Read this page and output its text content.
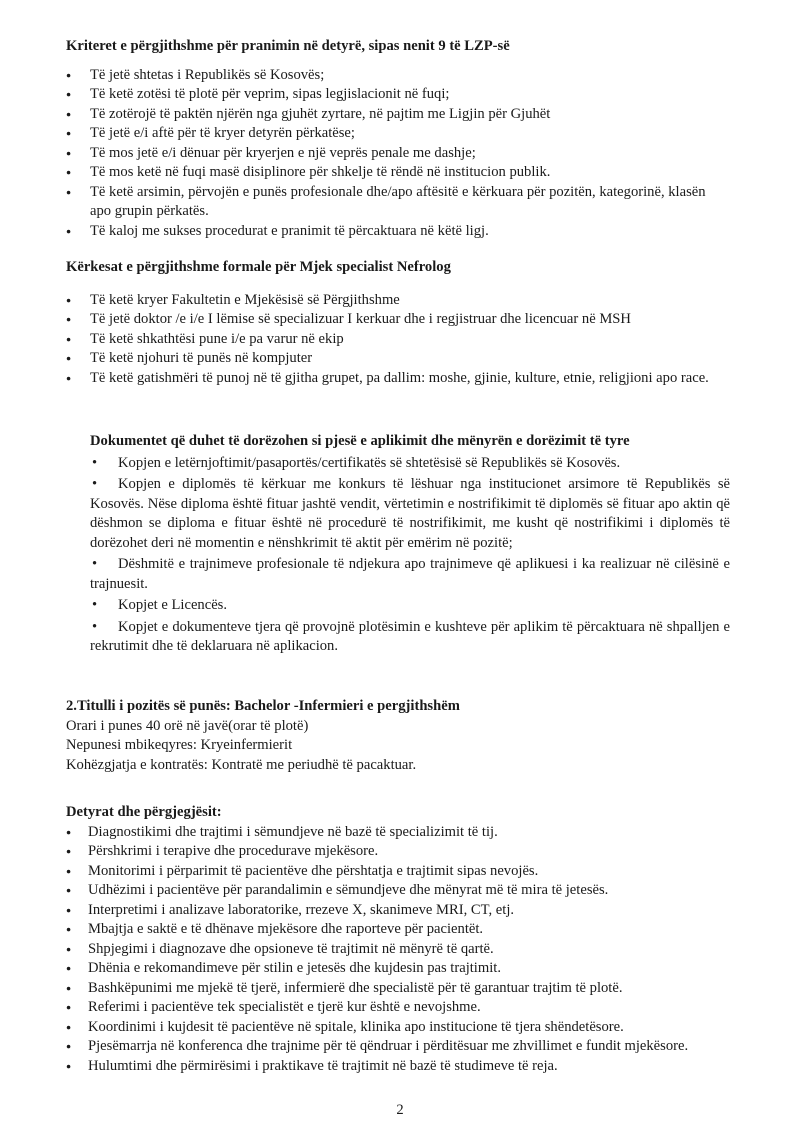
Kriteret e përgjithshme për pranimin në detyrë, sipas nenit 9 të LZP-së
● Të jetë shtetas i Republikës së Kosovës;
● Të ketë zotësi të plotë për veprim, sipas legjislacionit në fuqi;
● Të zotërojë të paktën njërën nga gjuhët zyrtare, në pajtim me Ligjin për Gjuhët
● Të jetë e/i aftë për të kryer detyrën përkatëse;
● Të mos jetë e/i dënuar për kryerjen e një veprës penale me dashje;
● Të mos ketë në fuqi masë disiplinore për shkelje të rëndë në institucion publik.
● Të ketë arsimin, përvojën e punës profesionale dhe/apo aftësitë e kërkuara për pozitën, kategorinë, klasën apo grupin përkatës.
● Të kaloj me sukses procedurat e pranimit të përcaktuara në këtë ligj.
Kërkesat e përgjithshme formale për Mjek specialist Nefrolog
● Të ketë kryer Fakultetin e Mjekësisë së Përgjithshme
● Të jetë doktor /e i/e I lëmise së specializuar I kerkuar dhe i regjistruar dhe licencuar në MSH
● Të ketë shkathtësi pune i/e pa varur në ekip
● Të ketë njohuri të punës në kompjuter
● Të ketë gatishmëri të punoj në të gjitha grupet, pa dallim: moshe, gjinie, kulture, etnie, religjioni apo race.
Dokumentet që duhet të dorëzohen si pjesë e aplikimit dhe mënyrën e dorëzimit të tyre

• Kopjen e letërnjoftimit/pasaportës/certifikatës së shtetësisë së Republikës së Kosovës.

• Kopjen e diplomës të kërkuar me konkurs të lëshuar nga institucionet arsimore të Republikës së Kosovës. Nëse diploma është fituar jashtë vendit, vërtetimin e nostrifikimit të diplomës së fituar apo aktin që dëshmon se diploma e fituar është në procedurë të nostrifikimit, me kusht që nostrifikimi i diplomës të dorëzohet deri në momentin e nënshkrimit të aktit për emërim në pozitë;

• Dëshmitë e trajnimeve profesionale të ndjekura apo trajnimeve që aplikuesi i ka realizuar në cilësinë e trajnuesit.

• Kopjet e Licencës.

• Kopjet e dokumenteve tjera që provojnë plotësimin e kushteve për aplikim të përcaktuara në shpalljen e rekrutimit dhe të deklaruara në aplikacion.

2.Titulli i pozitës së punës: Bachelor -Infermieri e pergjithshëm

Orari i punes 40 orë në javë(orar të plotë)

Nepunesi mbikeqyres: Kryeinfermierit

Kohëzgjatja e kontratës: Kontratë me periudhë të pacaktuar.

Detyrat dhe përgjegjësit:
● Diagnostikimi dhe trajtimi i sëmundjeve në bazë të specializimit të tij.
● Përshkrimi i terapive dhe procedurave mjekësore.
● Monitorimi i përparimit të pacientëve dhe përshtatja e trajtimit sipas nevojës.
● Udhëzimi i pacientëve për parandalimin e sëmundjeve dhe mënyrat më të mira të jetesës.
● Interpretimi i analizave laboratorike, rrezeve X, skanimeve MRI, CT, etj.
● Mbajtja e saktë e të dhënave mjekësore dhe raporteve për pacientët.
● Shpjegimi i diagnozave dhe opsioneve të trajtimit në mënyrë të qartë.
● Dhënia e rekomandimeve për stilin e jetesës dhe kujdesin pas trajtimit.
● Bashkëpunimi me mjekë të tjerë, infermierë dhe specialistë për të garantuar trajtim të plotë.
● Referimi i pacientëve tek specialistët e tjerë kur është e nevojshme.
● Koordinimi i kujdesit të pacientëve në spitale, klinika apo institucione të tjera shëndetësore.
● Pjesëmarrja në konferenca dhe trajnime për të qëndruar i përditësuar me zhvillimet e fundit mjekësore.
● Hulumtimi dhe përmirësimi i praktikave të trajtimit në bazë të studimeve të reja.
2
